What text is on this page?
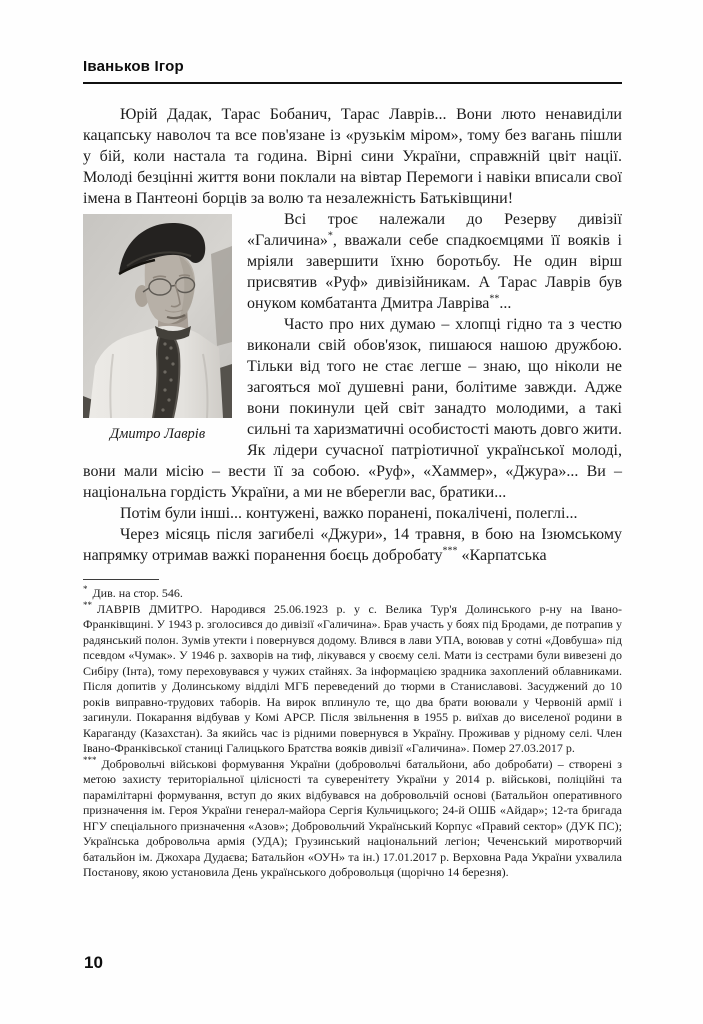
Іваньков Ігор

Юрій Дадак, Тарас Бобанич, Тарас Лаврів... Вони люто ненавиділи кацапську наволоч та все пов'язане із «рузькім міром», тому без вагань пішли у бій, коли настала та година. Вірні сини України, справжній цвіт нації. Молоді безцінні життя вони поклали на вівтар Перемоги і навіки вписали свої імена в Пантеоні борців за волю та незалежність Батьківщини!

Дмитро Лаврів

Всі троє належали до Резерву дивізії «Галичина»*, вважали себе спадкоємцями її вояків і мріяли завершити їхню боротьбу. Не один вірш присвятив «Руф» дивізійникам. А Тарас Лаврів був онуком комбатанта Дмитра Лавріва**...

Часто про них думаю – хлопці гідно та з честю виконали свій обов'язок, пишаюся нашою дружбою. Тільки від того не стає легше – знаю, що ніколи не загояться мої душевні рани, болітиме завжди. Адже вони покинули цей світ занадто молодими, а такі сильні та харизматичні особистості мають довго жити. Як лідери сучасної патріотичної української молоді, вони мали місію – вести її за собою. «Руф», «Хаммер», «Джура»... Ви – національна гордість України, а ми не вберегли вас, братики...

Потім були інші... контужені, важко поранені, покалічені, полеглі...

Через місяць після загибелі «Джури», 14 травня, в бою на Ізюмському напрямку отримав важкі поранення боєць добробату*** «Карпатська

* Див. на стор. 546.

** ЛАВРІВ ДМИТРО. Народився 25.06.1923 р. у с. Велика Тур'я Долинського р-ну на Івано-Франківщині. У 1943 р. зголосився до дивізії «Галичина». Брав участь у боях під Бродами, де потрапив у радянський полон. Зумів утекти і повернувся додому. Влився в лави УПА, воював у сотні «Довбуша» під псевдом «Чумак». У 1946 р. захворів на тиф, лікувався у своєму селі. Мати із сестрами були вивезені до Сибіру (Інта), тому переховувався у чужих стайнях. За інформацією зрадника захоплений облавниками. Після допитів у Долинському відділі МГБ переведений до тюрми в Станиславові. Засуджений до 10 років виправно-трудових таборів. На вирок вплинуло те, що два брати воювали у Червоній армії і загинули. Покарання відбував у Комі АРСР. Після звільнення в 1955 р. виїхав до виселеної родини в Караганду (Казахстан). За якийсь час із рідними повернувся в Україну. Проживав у рідному селі. Член Івано-Франківської станиці Галицького Братства вояків дивізії «Галичина». Помер 27.03.2017 р.

*** Добровольчі військові формування України (добровольчі батальйони, або добробати) – створені з метою захисту територіальної цілісності та суверенітету України у 2014 р. військові, поліційні та парамілітарні формування, вступ до яких відбувався на добровольчій основі (Батальйон оперативного призначення ім. Героя України генерал-майора Сергія Кульчицького; 24-й ОШБ «Айдар»; 12-та бригада НГУ спеціального призначення «Азов»; Добровольчий Український Корпус «Правий сектор» (ДУК ПС); Українська добровольча армія (УДА); Грузинський національний легіон; Чеченський миротворчий батальйон ім. Джохара Дудаєва; Батальйон «ОУН» та ін.) 17.01.2017 р. Верховна Рада України ухвалила Постанову, якою установила День українського добровольця (щорічно 14 березня).

10
